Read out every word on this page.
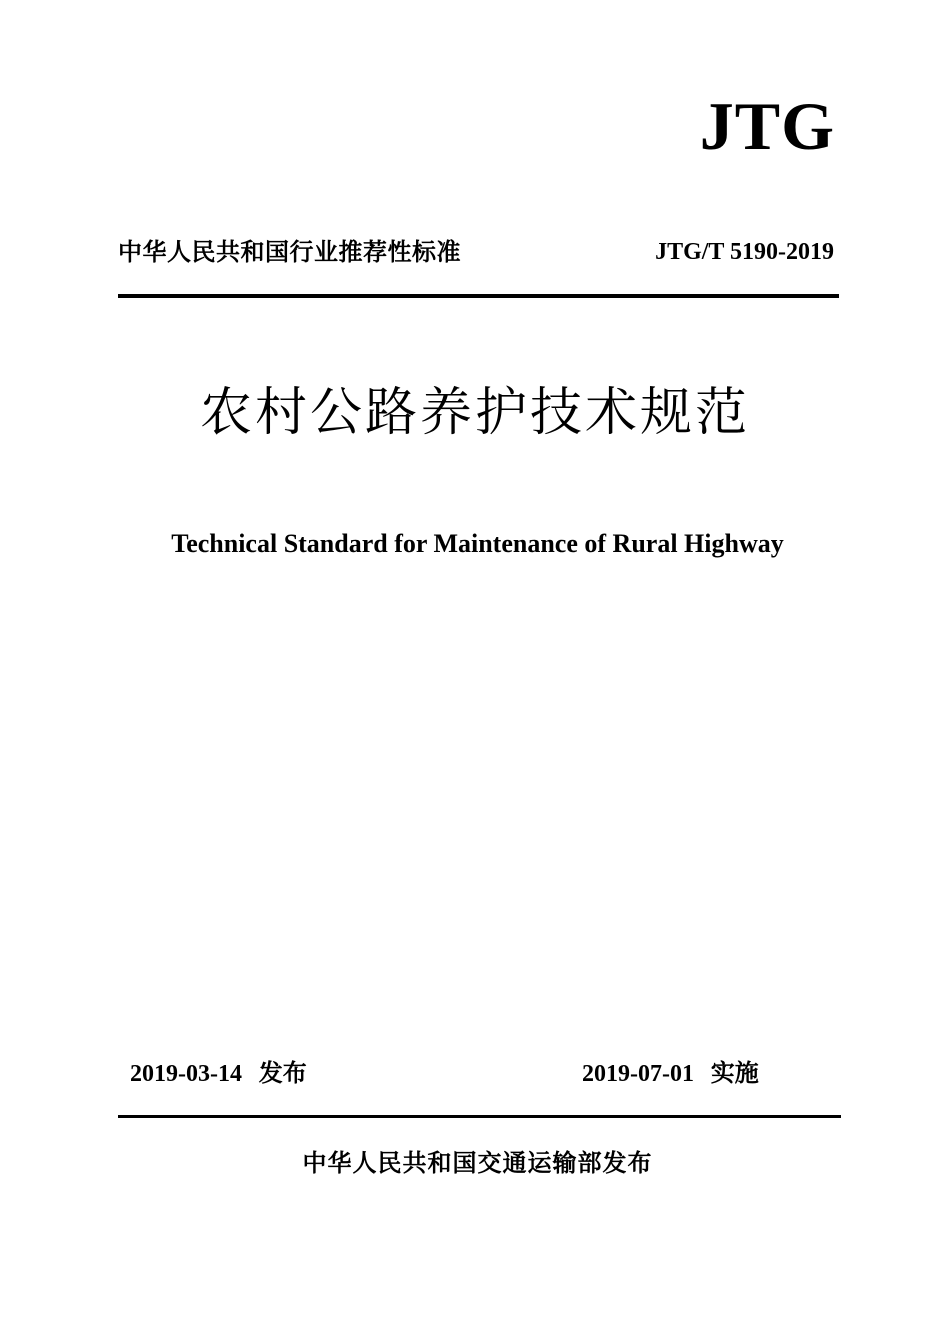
JTG
中华人民共和国行业推荐性标准	JTG/T 5190-2019
农村公路养护技术规范
Technical Standard for Maintenance of Rural Highway
2019-03-14 发布	2019-07-01 实施
中华人民共和国交通运输部发布
